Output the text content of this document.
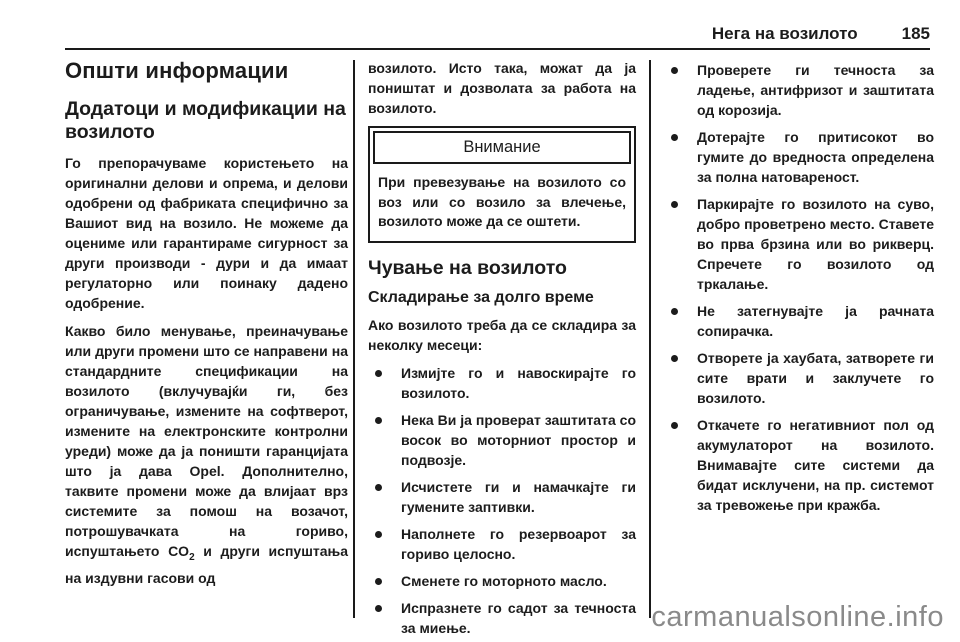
Нега на возилото	185
Општи информации
Додатоци и модификации на возилото

Го препорачуваме користењето на оригинални делови и опрема, и делови одобрени од фабриката специфично за Вашиот вид на возило. Не можеме да оцениме или гарантираме сигурност за други производи - дури и да имаат регулаторно или поинаку дадено одобрение.

Какво било менување, преиначување или други промени што се направени на стандардните спецификации на возилото (вклучувајќи ги, без ограничување, измените на софтверот, измените на електронските контролни уреди) може да ја поништи гаранцијата што ја дава Opel. Дополнително, таквите промени може да влијаат врз системите за помош на возачот, потрошувачката на гориво, испуштањето $CO_2$ и други испуштања на издувни гасови од

возилото. Исто така, можат да ја поништат и дозволата за работа на возилото.

Внимание
При превезување на возилото со воз или со возило за влечење, возилото може да се оштети.
Чување на возилото
Складирање за долго време

Ако возилото треба да се складира за неколку месеци:

Измијте го и навоскирајте го возилото.
Нека Ви ја проверат заштитата со восок во моторниот простор и подвозје.
Исчистете ги и намачкајте ги гумените заптивки.
Наполнете го резервоарот за гориво целосно.
Сменете го моторното масло.
Испразнете го садот за течноста за миење.
Проверете ги течноста за ладење, антифризот и заштитата од корозија.
Дотерајте го притисокот во гумите до вредноста определена за полна натовареност.
Паркирајте го возилото на суво, добро проветрено место. Ставете во прва брзина или во рикверц. Спречете го возилото од тркалање.
Не затегнувајте ја рачната сопирачка.
Отворете ја хаубата, затворете ги сите врати и заклучете го возилото.
Откачете го негативниот пол од акумулаторот на возилото. Внимавајте сите системи да бидат исклучени, на пр. системот за тревожење при кражба.
carmanualsonline.info
